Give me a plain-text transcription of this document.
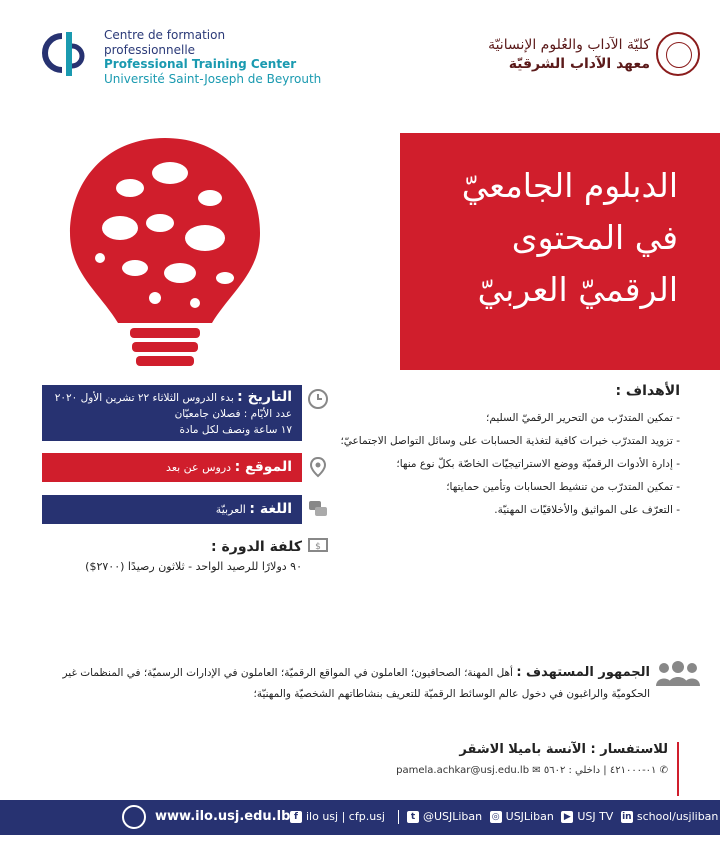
Centre de formation
professionnelle
Professional Training Center
Université Saint-Joseph de Beyrouth
كليّة الآداب والعُلوم الإنسانيّة
معهد الآداب الشرقيّة
الدبلوم الجامعيّ
في المحتوى
الرقميّ العربيّ
التاريخ : بدء الدروس الثلاثاء ٢٢ تشرين الأول ٢٠٢٠
عدد الأيّام : فصلان جامعيّان
١٧ ساعة ونصف لكل مادة
الموقع : دروس عن بعد
اللغة : العربيّة
$
كلفة الدورة :
٩٠ دولارًا للرصيد الواحد - ثلاثون رصيدًا (٢٧٠٠$)
الأهداف :
- تمكين المتدرّب من التحرير الرقميّ السليم؛
- تزويد المتدرّب خبرات كافية لتغذية الحسابات على وسائل التواصل الاجتماعيّ؛
- إدارة الأدوات الرقميّة ووضع الاستراتيجيّات الخاصّة بكلّ نوع منها؛
- تمكين المتدرّب من تنشيط الحسابات وتأمين حمايتها؛
- التعرّف على المواثيق والأخلاقيّات المهنيّة.
الجمهور المستهدف : أهل المهنة؛ الصحافيون؛ العاملون في المواقع الرقميّة؛ العاملون في الإدارات الرسميّة؛ في المنظمات غير الحكوميّة والراغبون في دخول عالم الوسائط الرقميّة للتعريف بنشاطاتهم الشخصيّة والمهنيّة؛
للاستفسار : الآنسة باميلا الاشقر
pamela.achkar@usj.edu.lb ✉ ٠١-٤٢١٠٠٠ | داخلي : ٥٦٠٢ ✆
www.ilo.usj.edu.lb f ilo usj | cfp.usj	t @USJLiban ◎ USJLiban ▶ USJ TV in school/usjliban
